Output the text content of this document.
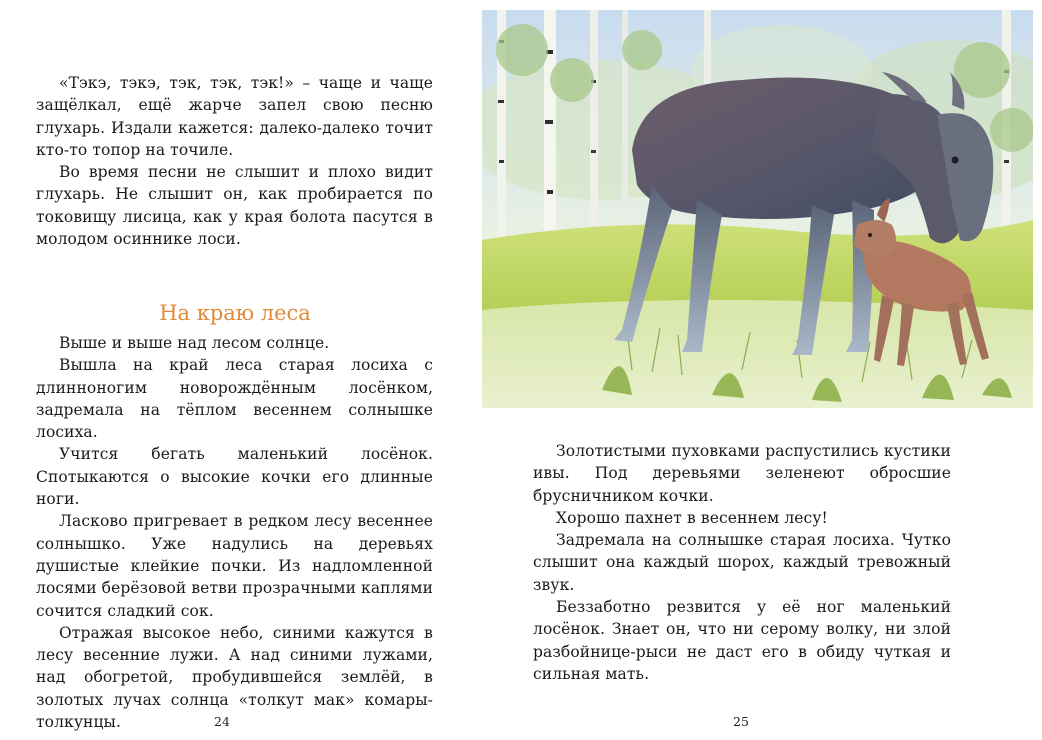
«Тэкэ, тэкэ, тэк, тэк, тэк!» – чаще и чаще защёлкал, ещё жарче запел свою песню глухарь. Издали кажется: далеко-далеко точит кто-то топор на точиле.

Во время песни не слышит и плохо видит глухарь. Не слышит он, как пробирается по токовищу лисица, как у края болота пасутся в молодом осиннике лоси.

На краю леса

Выше и выше над лесом солнце.

Вышла на край леса старая лосиха с длинноногим новорождённым лосёнком, задремала на тёплом весеннем солнышке лосиха.

Учится бегать маленький лосёнок. Спотыкаются о высокие кочки его длинные ноги.

Ласково пригревает в редком лесу весеннее солнышко. Уже надулись на деревьях душистые клейкие почки. Из надломленной лосями берёзовой ветви прозрачными каплями сочится сладкий сок.

Отражая высокое небо, синими кажутся в лесу весенние лужи. А над синими лужами, над обогретой, пробудившейся землёй, в золотых лучах солнца «толкут мак» комары-толкунцы.	24

Золотистыми пуховками распустились кустики ивы. Под деревьями зеленеют обросшие брусничником кочки.

Хорошо пахнет в весеннем лесу!

Задремала на солнышке старая лосиха. Чутко слышит она каждый шорох, каждый тревожный звук.

Беззаботно резвится у её ног маленький лосёнок. Знает он, что ни серому волку, ни злой разбойнице-рыси не даст его в обиду чуткая и сильная мать.

25
